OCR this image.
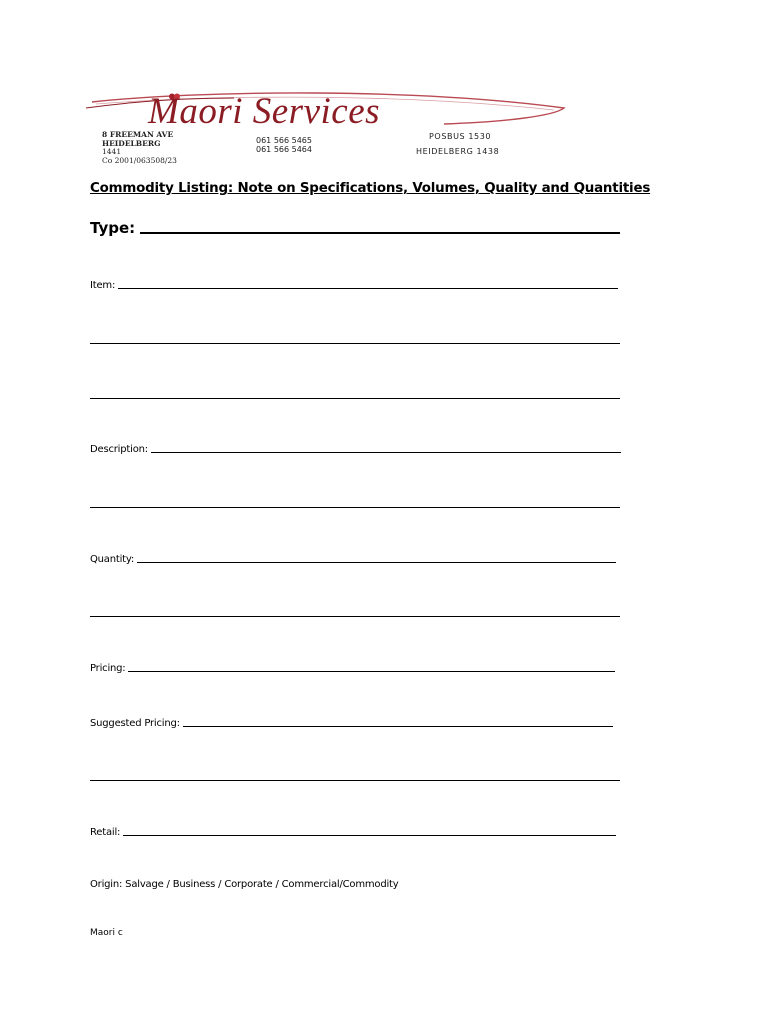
Maori Services
8 FREEMAN AVE
HEIDELBERG
1441
Co 2001/063508/23
061 566 5465
061 566 5464
POSBUS 1530
HEIDELBERG 1438
Commodity Listing: Note on Specifications, Volumes, Quality and Quantities
Type:
Item:
Description:
Quantity:
Pricing:
Suggested Pricing:
Retail:
Origin: Salvage / Business / Corporate / Commercial/Commodity
Maori c
